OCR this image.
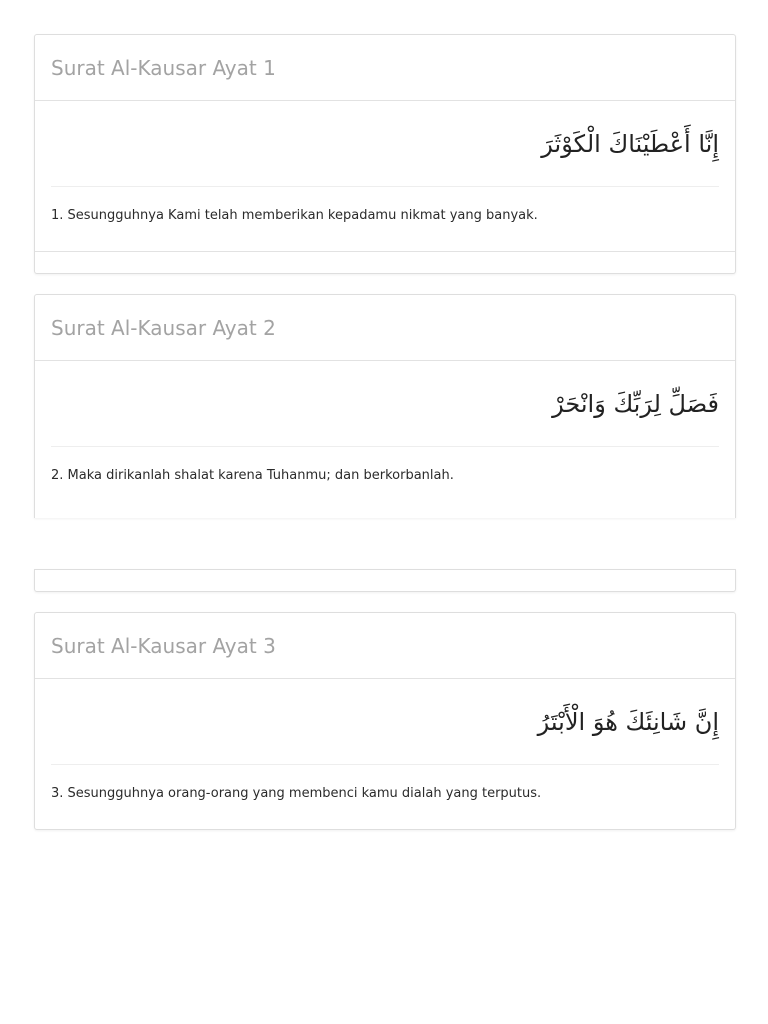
Surat Al-Kausar Ayat 1
إِنَّا أَعْطَيْنَاكَ الْكَوْثَرَ
1. Sesungguhnya Kami telah memberikan kepadamu nikmat yang banyak.
Surat Al-Kausar Ayat 2
فَصَلِّ لِرَبِّكَ وَانْحَرْ
2. Maka dirikanlah shalat karena Tuhanmu; dan berkorbanlah.
Surat Al-Kausar Ayat 3
إِنَّ شَانِئَكَ هُوَ الْأَبْتَرُ
3. Sesungguhnya orang-orang yang membenci kamu dialah yang terputus.
